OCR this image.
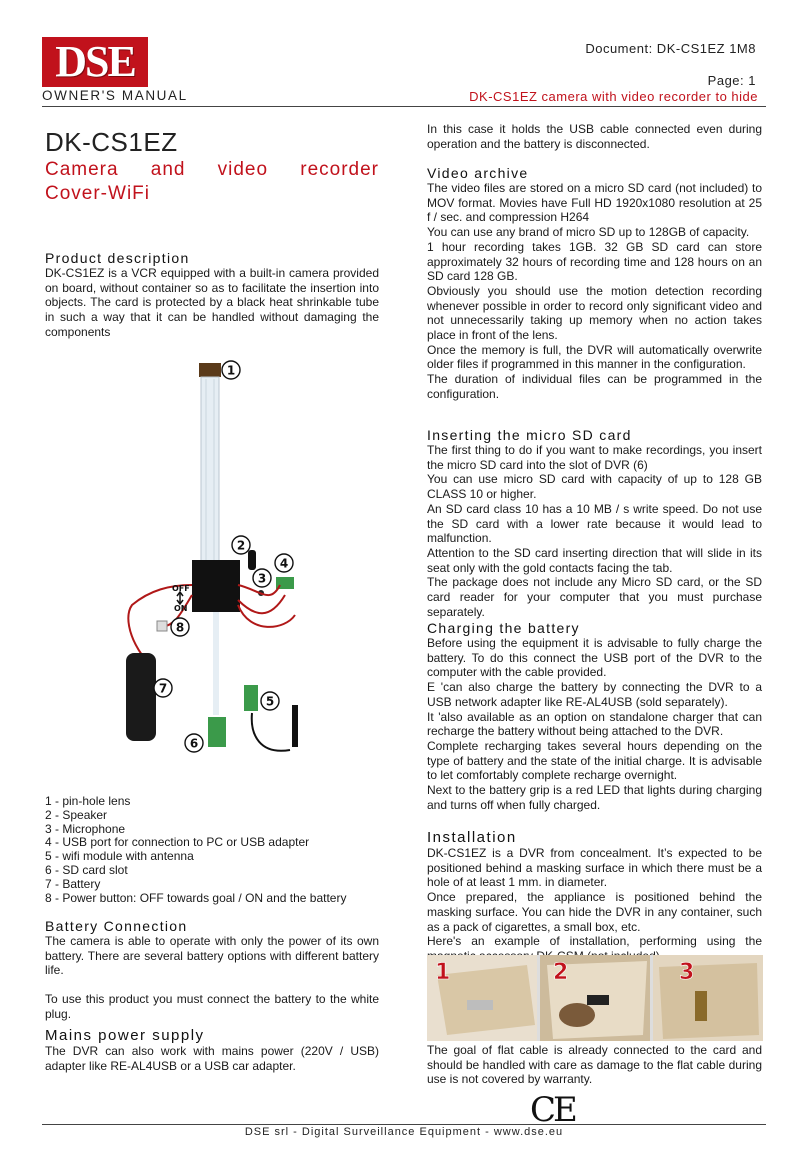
DSE
OWNER'S MANUAL
Document: DK-CS1EZ 1M8
Page: 1
DK-CS1EZ camera with video recorder to hide
DK-CS1EZ
Camera and video recorder
Cover-WiFi
Product description
DK-CS1EZ is a VCR equipped with a built-in camera provided on board, without container so as to facilitate the insertion into objects. The card is protected by a black heat shrinkable tube in such a way that it can be handled without damaging the components
1
2
3
4
5
6
7
8
OFF
ON
1 - pin-hole lens
2 - Speaker
3 - Microphone
4 - USB port for connection to PC or USB adapter
5 - wifi module with antenna
6 - SD card slot
7 - Battery
8 - Power button: OFF towards goal / ON and the battery
Battery Connection
The camera is able to operate with only the power of its own battery. There are several battery options with different battery life.
To use this product you must connect the battery to the white plug.
Mains power supply
The DVR can also work with mains power (220V / USB) adapter like RE-AL4USB or a USB car adapter.
In this case it holds the USB cable connected even during operation and the battery is disconnected.
Video archive
The video files are stored on a micro SD card (not included) to MOV format. Movies have Full HD 1920x1080 resolution at 25 f / sec. and compression H264
You can use any brand of micro SD up to 128GB of capacity.
1 hour recording takes 1GB. 32 GB SD card can store approximately 32 hours of recording time and 128 hours on an SD card 128 GB.
Obviously you should use the motion detection recording whenever possible in order to record only significant video and not unnecessarily taking up memory when no action takes place in front of the lens.
Once the memory is full, the DVR will automatically overwrite older files if programmed in this manner in the configuration.
The duration of individual files can be programmed in the configuration.
Inserting the micro SD card
The first thing to do if you want to make recordings, you insert the micro SD card into the slot of DVR (6)
You can use micro SD card with capacity of up to 128 GB CLASS 10 or higher.
An SD card class 10 has a 10 MB / s write speed. Do not use the SD card with a lower rate because it would lead to malfunction.
Attention to the SD card inserting direction that will slide in its seat only with the gold contacts facing the tab.
The package does not include any Micro SD card, or the SD card reader for your computer that you must purchase separately.
Charging the battery
Before using the equipment it is advisable to fully charge the battery. To do this connect the USB port of the DVR to the computer with the cable provided.
E 'can also charge the battery by connecting the DVR to a USB network adapter like RE-AL4USB (sold separately).
It 'also available as an option on standalone charger that can recharge the battery without being attached to the DVR.
Complete recharging takes several hours depending on the type of battery and the state of the initial charge. It is advisable to let comfortably complete recharge overnight.
Next to the battery grip is a red LED that lights during charging and turns off when fully charged.
Installation
DK-CS1EZ is a DVR from concealment. It’s expected to be positioned behind a masking surface in which there must be a hole of at least 1 mm. in diameter.
Once prepared, the appliance is positioned behind the masking surface. You can hide the DVR in any container, such as a pack of cigarettes, a small box, etc.
Here's an example of installation, performing using the
1	2	3
The goal of flat cable is already connected to the card and should be handled with care as damage to the flat cable during use is not covered by warranty.
DSE srl - Digital Surveillance Equipment - www.dse.eu
CE
